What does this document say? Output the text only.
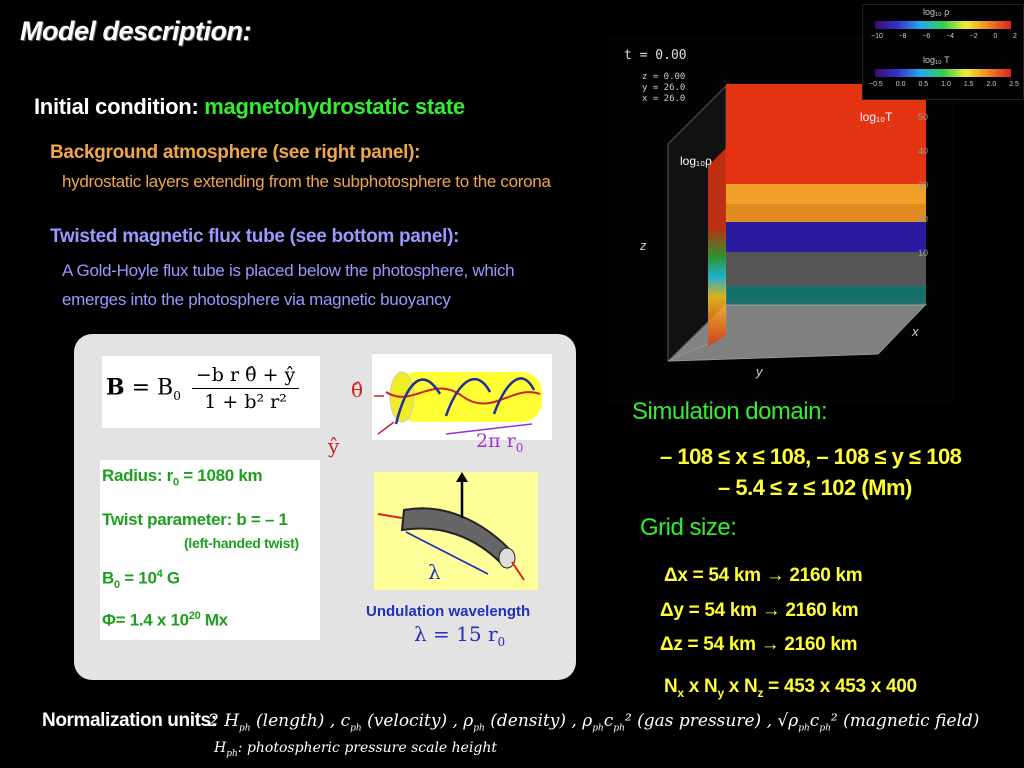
Model description:
Initial condition: magnetohydrostatic state
Background atmosphere (see right panel):
hydrostatic layers extending from the subphotosphere to the corona
Twisted magnetic flux tube (see bottom panel):
A Gold-Hoyle flux tube is placed below the photosphere, which
emerges into the photosphere via magnetic buoyancy
$B = B_0 \frac{\text{−b r θ̂ + ŷ}}{\text{1 + b² r²}}$
Radius: $r_0 = 1080$ km
Twist parameter: b = – 1
(left-handed twist)
$B_0 = 10^4$ G
Φ= 1.4 x $10^{20}$ Mx
θ̂
ŷ	2π $r_0$
λ
Undulation wavelength
λ = 15 $r_0$
t = 0.00
z = 0.00
y = 26.0
x = 26.0
log₁₀ρ
log₁₀T	50
40
30
20
10
z
y
x
log₁₀ ρ
−10 −8 −6 −4 −2 0 2
log₁₀ T
−0.5 0.0 0.5 1.0 1.5 2.0 2.5
Simulation domain:
– 108 ≤ x ≤ 108, – 108 ≤ y ≤ 108
– 5.4 ≤ z ≤ 102 (Mm)
Grid size:
Δx = 54 km → 2160 km
Δy = 54 km → 2160 km
Δz = 54 km → 2160 km
$N_x$ x $N_y$ x $N_z = 453$ x 453 x 400
Normalization units:
2 $H_{ph}$ (length) , $c_{ph}$ (velocity) , $\rho_{ph}$ (density) , $\rho_{ph}c_{ph}^2$ (gas pressure) , $√\rho_{ph}c_{ph}^2$ (magnetic field)
$H_{ph}$: photospheric pressure scale height
